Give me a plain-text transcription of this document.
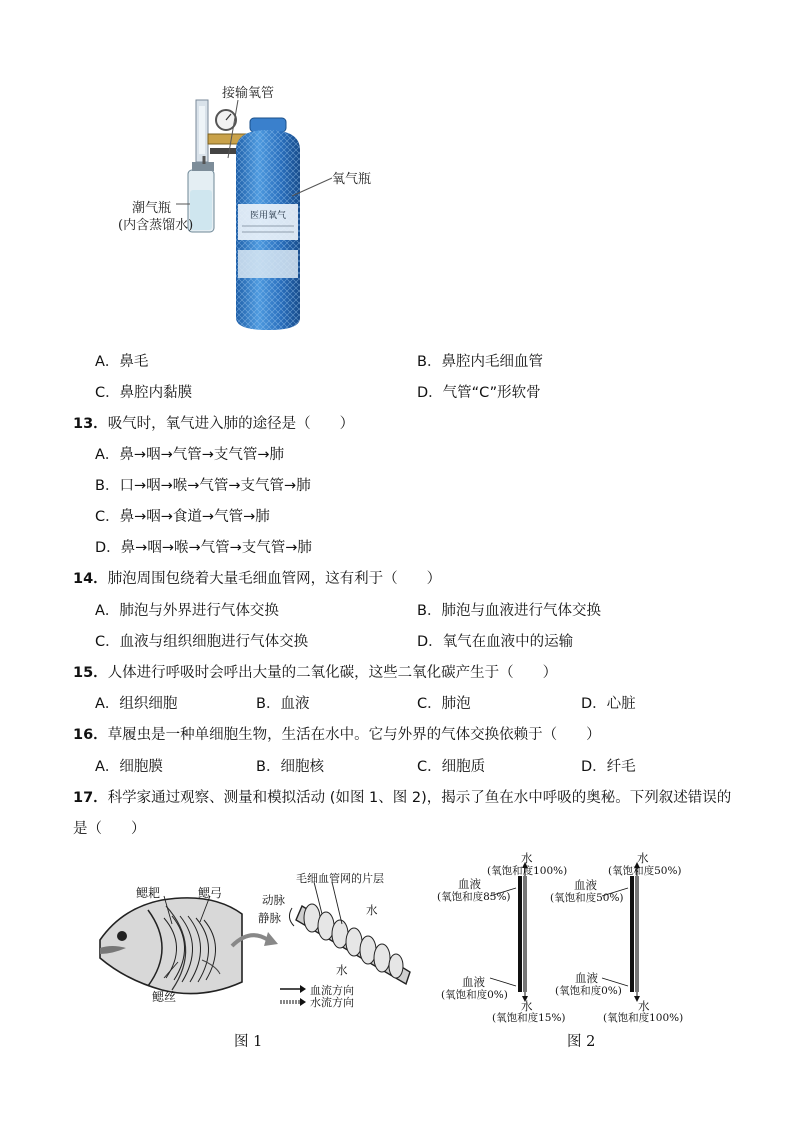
医用氧气
接输氧管
氧气瓶
潮气瓶
(内含蒸馏水)
A．鼻毛	B．鼻腔内毛细血管
C．鼻腔内黏膜	D．气管“C”形软骨
13．吸气时，氧气进入肺的途径是（　　）
A．鼻→咽→气管→支气管→肺
B．口→咽→喉→气管→支气管→肺
C．鼻→咽→食道→气管→肺
D．鼻→咽→喉→气管→支气管→肺
14．肺泡周围包绕着大量毛细血管网，这有利于（　　）
A．肺泡与外界进行气体交换	B．肺泡与血液进行气体交换
C．血液与组织细胞进行气体交换	D．氧气在血液中的运输
15．人体进行呼吸时会呼出大量的二氧化碳，这些二氧化碳产生于（　　）
A．组织细胞	B．血液	C．肺泡	D．心脏
16．草履虫是一种单细胞生物，生活在水中。它与外界的气体交换依赖于（　　）
A．细胞膜	B．细胞核	C．细胞质	D．纤毛
17．科学家通过观察、测量和模拟活动 (如图 1、图 2)，揭示了鱼在水中呼吸的奥秘。下列叙述错误的
是（　　）
鳃耙	鳃弓
鳃丝
毛细血管网的片层
动脉
静脉
水
水
血流方向
水流方向
图 1
水
(氧饱和度100%)
血液
(氧饱和度85%)
血液
(氧饱和度0%)
水
(氧饱和度15%)
水
(氧饱和度50%)
血液
(氧饱和度50%)
血液
(氧饱和度0%)
水
(氧饱和度100%)
图 2
